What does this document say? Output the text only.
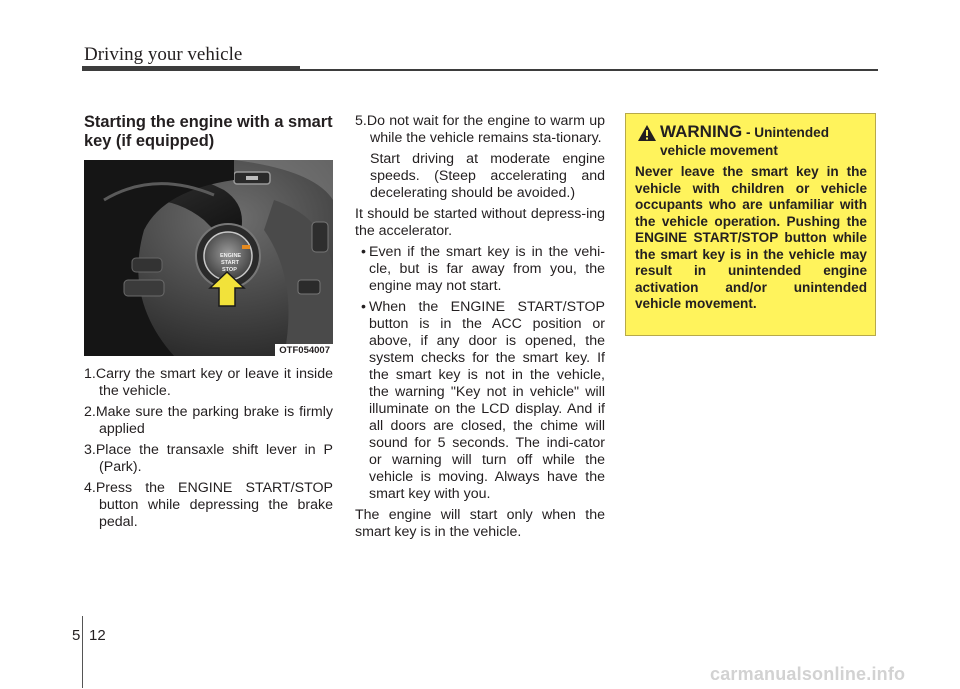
Driving your vehicle
Starting the engine with a smart key (if equipped)
ENGINE
START
STOP
OTF054007
1.Carry the smart key or leave it inside the vehicle.
2.Make sure the parking brake is firmly applied
3.Place the transaxle shift lever in P (Park).
4.Press the ENGINE START/STOP button while depressing the brake pedal.
5.Do not wait for the engine to warm up while the vehicle remains sta-tionary.
Start driving at moderate engine speeds. (Steep accelerating and decelerating should be avoided.)
It should be started without depress-ing the accelerator.
• Even if the smart key is in the vehi-cle, but is far away from you, the engine may not start.
• When the ENGINE START/STOP button is in the ACC position or above, if any door is opened, the system checks for the smart key. If the smart key is not in the vehicle, the warning "Key not in vehicle" will illuminate on the LCD display. And if all doors are closed, the chime will sound for 5 seconds. The indi-cator or warning will turn off while the vehicle is moving. Always have the smart key with you.
The engine will start only when the smart key is in the vehicle.
WARNING - Unintended
vehicle movement
Never leave the smart key in the vehicle with children or vehicle occupants who are unfamiliar with the vehicle operation. Pushing the ENGINE START/STOP button while the smart key is in the vehicle may result in unintended engine activation and/or unintended vehicle movement.
5 12
carmanualsonline.info
